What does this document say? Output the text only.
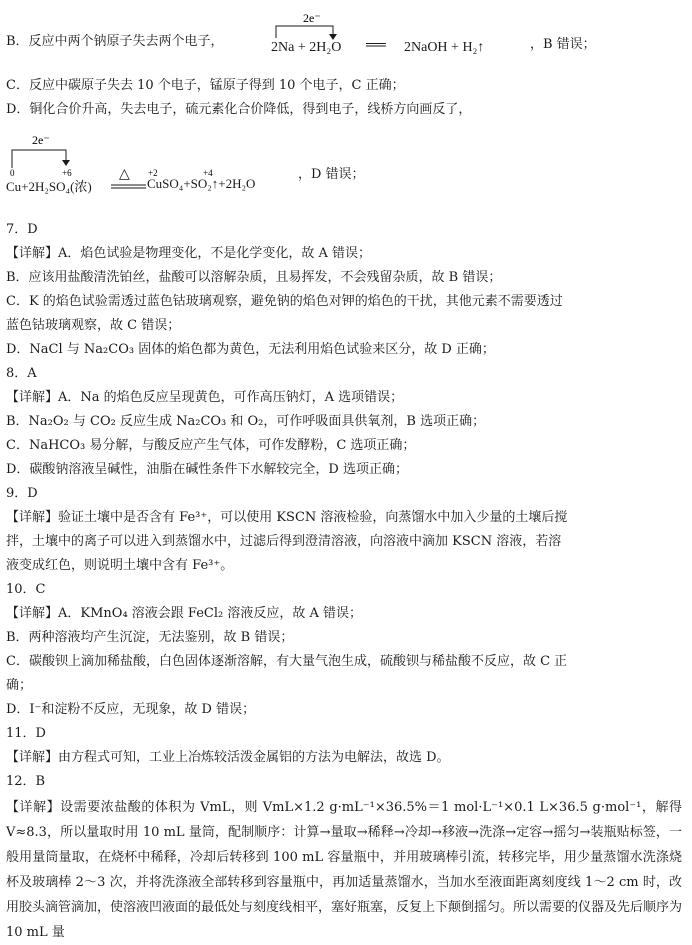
B．反应中两个钠原子失去两个电子，
2e⁻
2Na + 2H₂O ══ 2NaOH + H₂↑	，B 错误；
C．反应中碳原子失去 10 个电子，锰原子得到 10 个电子，C 正确；
D．铜化合价升高，失去电子，硫元素化合价降低，得到电子，线桥方向画反了，
2e⁻
0	+6	+2	+4
Cu+2H₂SO₄(浓)
△
CuSO₄+SO₂↑+2H₂O
，D 错误；
7．D
【详解】A．焰色试验是物理变化，不是化学变化，故 A 错误；
B．应该用盐酸清洗铂丝，盐酸可以溶解杂质，且易挥发，不会残留杂质，故 B 错误；
C．K 的焰色试验需透过蓝色钴玻璃观察，避免钠的焰色对钾的焰色的干扰，其他元素不需要透过
蓝色钴玻璃观察，故 C 错误；
D．NaCl 与 Na₂CO₃ 固体的焰色都为黄色，无法利用焰色试验来区分，故 D 正确；
8．A
【详解】A．Na 的焰色反应呈现黄色，可作高压钠灯，A 选项错误；
B．Na₂O₂ 与 CO₂ 反应生成 Na₂CO₃ 和 O₂，可作呼吸面具供氧剂，B 选项正确；
C．NaHCO₃ 易分解，与酸反应产生气体，可作发酵粉，C 选项正确；
D．碳酸钠溶液呈碱性，油脂在碱性条件下水解较完全，D 选项正确；
9．D
【详解】验证土壤中是否含有 Fe³⁺，可以使用 KSCN 溶液检验，向蒸馏水中加入少量的土壤后搅
拌，土壤中的离子可以进入到蒸馏水中，过滤后得到澄清溶液，向溶液中滴加 KSCN 溶液，若溶
液变成红色，则说明土壤中含有 Fe³⁺。
10．C
【详解】A．KMnO₄ 溶液会跟 FeCl₂ 溶液反应，故 A 错误；
B．两种溶液均产生沉淀，无法鉴别，故 B 错误；
C．碳酸钡上滴加稀盐酸，白色固体逐渐溶解，有大量气泡生成，硫酸钡与稀盐酸不反应，故 C 正
确；
D．I⁻和淀粉不反应，无现象，故 D 错误；
11．D
【详解】由方程式可知，工业上冶炼较活泼金属铝的方法为电解法，故选 D。
12．B
【详解】设需要浓盐酸的体积为 VmL，则 VmL×1.2 g·mL⁻¹×36.5%＝1 mol·L⁻¹×0.1 L×36.5 g·mol⁻¹，解得 V≈8.3，所以量取时用 10 mL 量筒，配制顺序：计算→量取→稀释→冷却→移液→洗涤→定容→摇匀→装瓶贴标签，一般用量筒量取，在烧杯中稀释，冷却后转移到 100 mL 容量瓶中，并用玻璃棒引流，转移完毕，用少量蒸馏水洗涤烧杯及玻璃棒 2～3 次，并将洗涤液全部转移到容量瓶中，再加适量蒸馏水，当加水至液面距离刻度线 1～2 cm 时，改用胶头滴管滴加，使溶液凹液面的最低处与刻度线相平，塞好瓶塞，反复上下颠倒摇匀。所以需要的仪器及先后顺序为 10 mL 量
